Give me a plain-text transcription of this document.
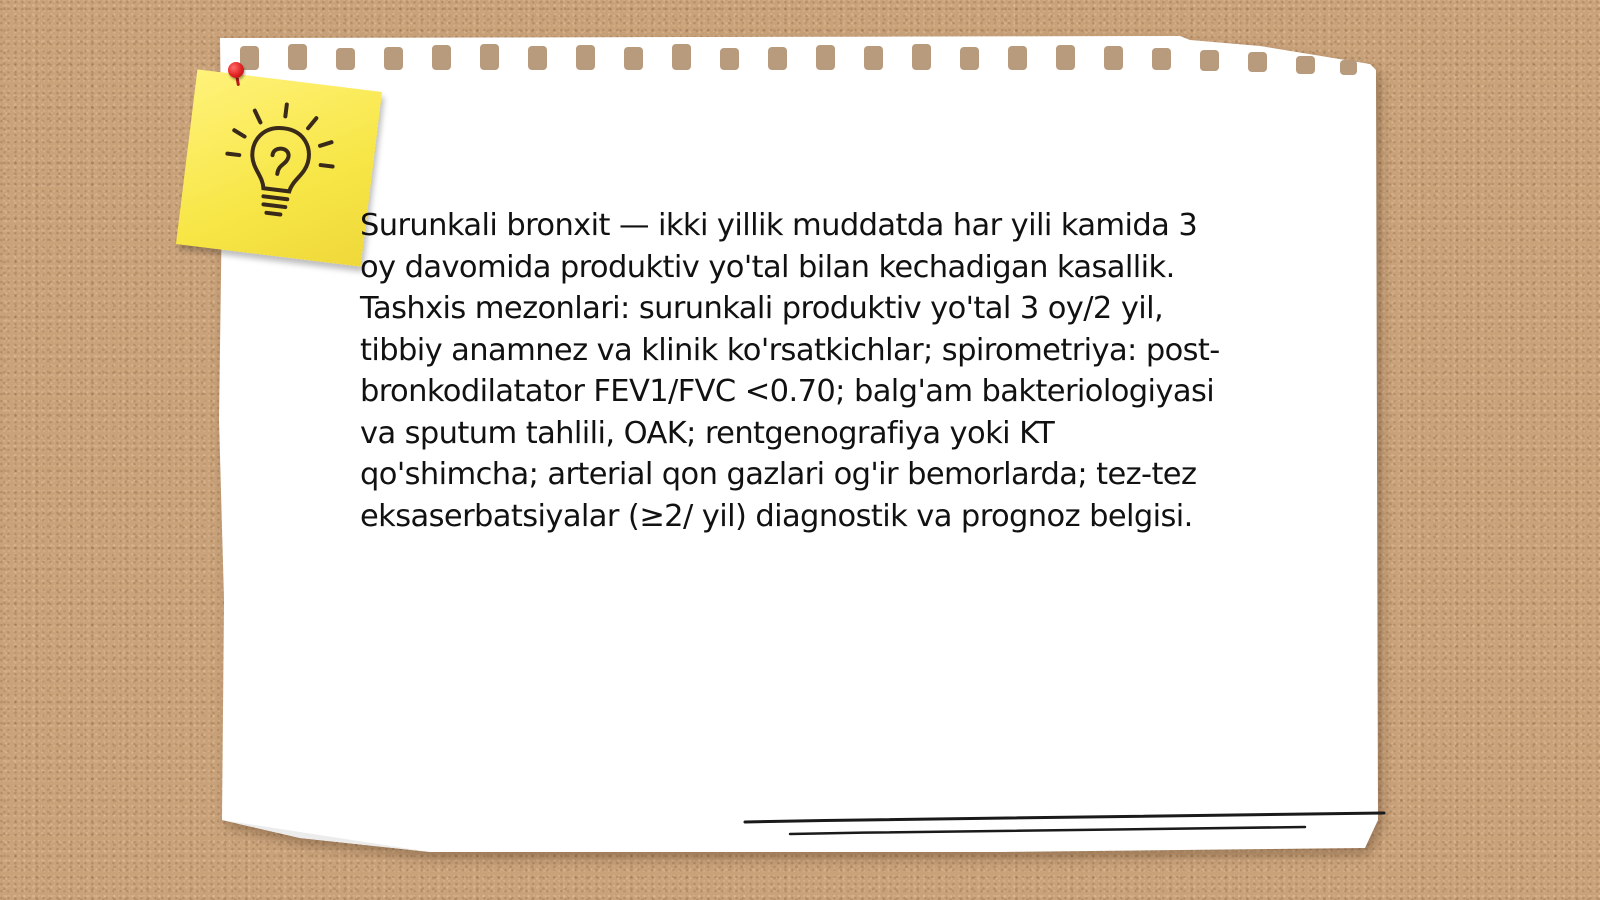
Surunkali bronxit — ikki yillik muddatda har yili kamida 3 oy davomida produktiv yo'tal bilan kechadigan kasallik. Tashxis mezonlari: surunkali produktiv yo'tal 3 oy/2 yil, tibbiy anamnez va klinik ko'rsatkichlar; spirometriya: post-bronkodilatator FEV1/FVC <0.70; balg'am bakteriologiyasi va sputum tahlili, OAK; rentgenografiya yoki KT qo'shimcha; arterial qon gazlari og'ir bemorlarda; tez-tez eksaserbatsiyalar (≥2/ yil) diagnostik va prognoz belgisi.
